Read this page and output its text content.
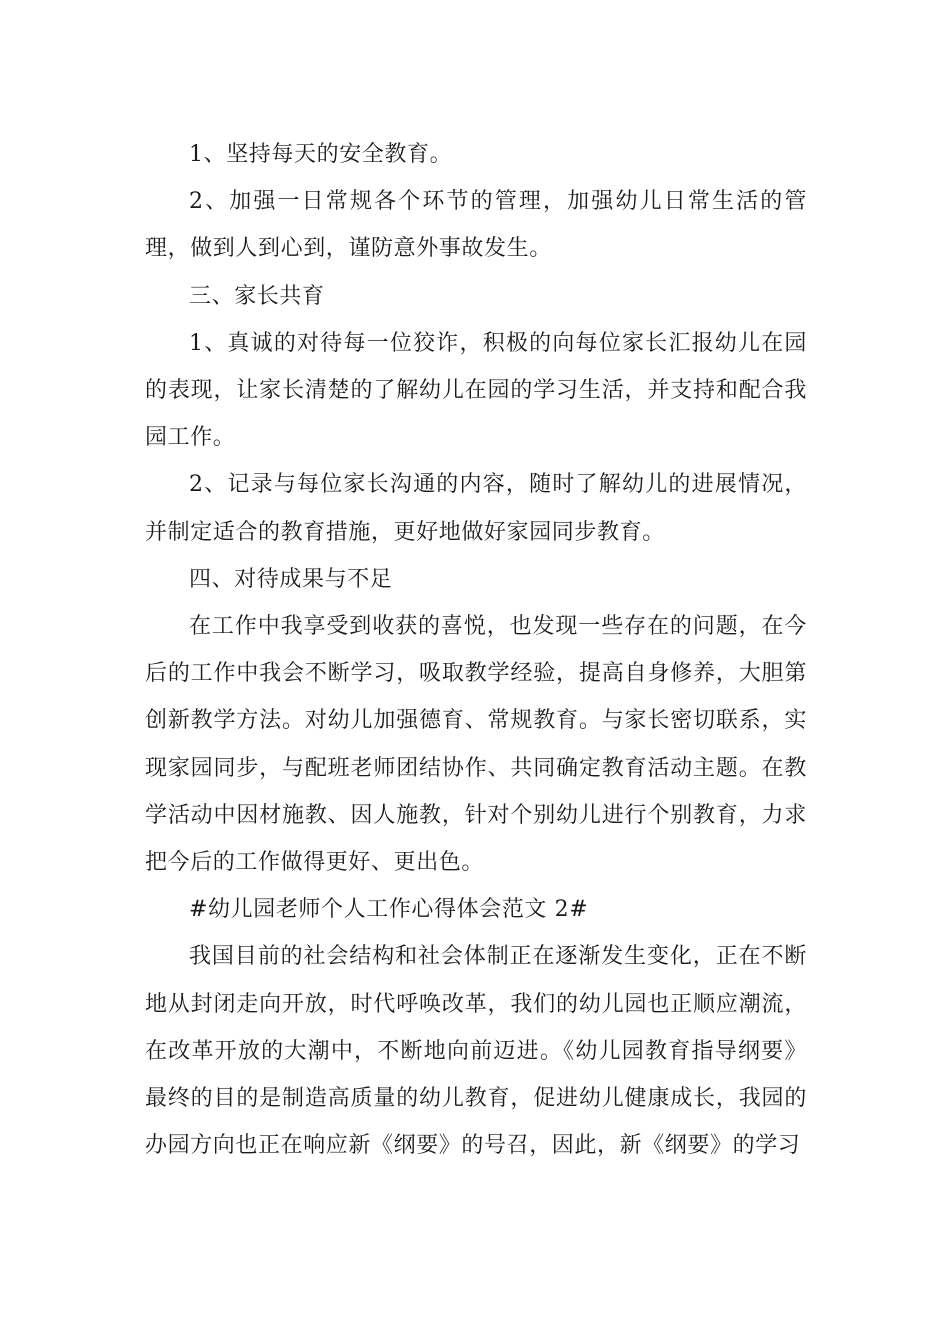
1、坚持每天的安全教育。

2、加强一日常规各个环节的管理，加强幼儿日常生活的管理，做到人到心到，谨防意外事故发生。

三、家长共育

1、真诚的对待每一位狡诈，积极的向每位家长汇报幼儿在园的表现，让家长清楚的了解幼儿在园的学习生活，并支持和配合我园工作。

2、记录与每位家长沟通的内容，随时了解幼儿的进展情况，并制定适合的教育措施，更好地做好家园同步教育。

四、对待成果与不足

在工作中我享受到收获的喜悦，也发现一些存在的问题，在今后的工作中我会不断学习，吸取教学经验，提高自身修养，大胆第创新教学方法。对幼儿加强德育、常规教育。与家长密切联系，实现家园同步，与配班老师团结协作、共同确定教育活动主题。在教学活动中因材施教、因人施教，针对个别幼儿进行个别教育，力求把今后的工作做得更好、更出色。

#幼儿园老师个人工作心得体会范文 2#

我国目前的社会结构和社会体制正在逐渐发生变化，正在不断地从封闭走向开放，时代呼唤改革，我们的幼儿园也正顺应潮流，在改革开放的大潮中，不断地向前迈进。《幼儿园教育指导纲要》最终的目的是制造高质量的幼儿教育，促进幼儿健康成长，我园的办园方向也正在响应新《纲要》的号召，因此，新《纲要》的学习
